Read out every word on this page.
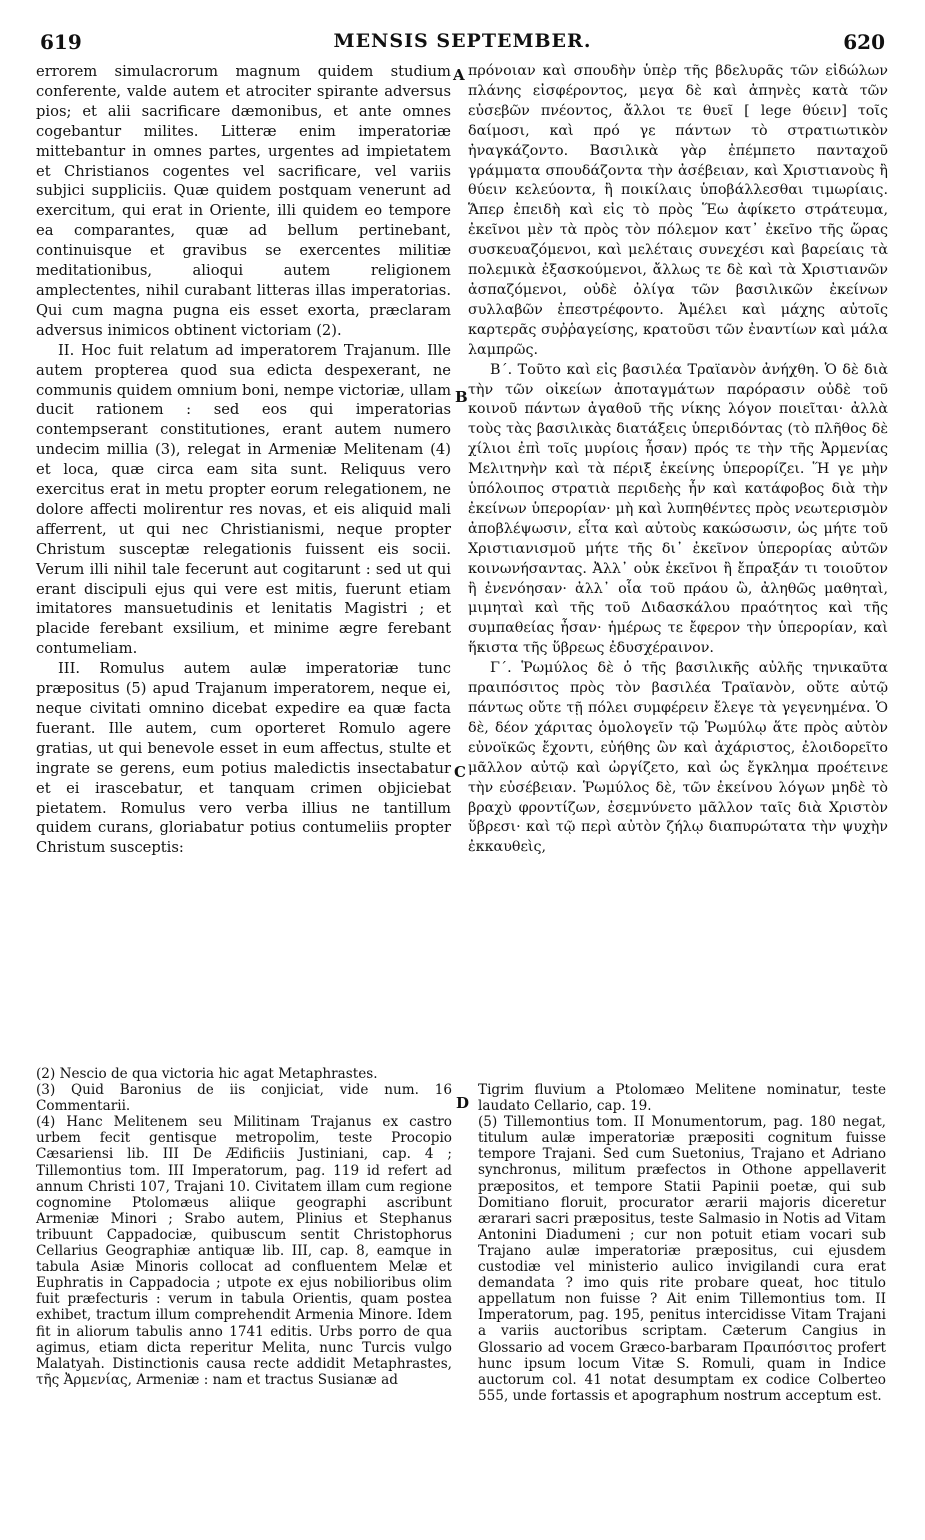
619	MENSIS SEPTEMBER.	620

errorem simulacrorum magnum quidem studium conferente, valde autem et atrociter spirante adversus pios; et alii sacrificare dæmonibus, et ante omnes cogebantur milites. Litteræ enim imperatoriæ mittebantur in omnes partes, urgentes ad impietatem et Christianos cogentes vel sacrificare, vel variis subjici suppliciis. Quæ quidem postquam venerunt ad exercitum, qui erat in Oriente, illi quidem eo tempore ea comparantes, quæ ad bellum pertinebant, continuisque et gravibus se exercentes militiæ meditationibus, alioqui autem religionem amplectentes, nihil curabant litteras illas imperatorias. Qui cum magna pugna eis esset exorta, præclaram adversus inimicos obtinent victoriam (2).

II. Hoc fuit relatum ad imperatorem Trajanum. Ille autem propterea quod sua edicta despexerant, ne communis quidem omnium boni, nempe victoriæ, ullam ducit rationem : sed eos qui imperatorias contempserant constitutiones, erant autem numero undecim millia (3), relegat in Armeniæ Melitenam (4) et loca, quæ circa eam sita sunt. Reliquus vero exercitus erat in metu propter eorum relegationem, ne dolore affecti molirentur res novas, et eis aliquid mali afferrent, ut qui nec Christianismi, neque propter Christum susceptæ relegationis fuissent eis socii. Verum illi nihil tale fecerunt aut cogitarunt : sed ut qui erant discipuli ejus qui vere est mitis, fuerunt etiam imitatores mansuetudinis et lenitatis Magistri ; et placide ferebant exsilium, et minime ægre ferebant contumeliam.

III. Romulus autem aulæ imperatoriæ tunc præpositus (5) apud Trajanum imperatorem, neque ei, neque civitati omnino dicebat expedire ea quæ facta fuerant. Ille autem, cum oporteret Romulo agere gratias, ut qui benevole esset in eum affectus, stulte et ingrate se gerens, eum potius maledictis insectabatur et ei irascebatur, et tanquam crimen objiciebat pietatem. Romulus vero verba illius ne tantillum quidem curans, gloriabatur potius contumeliis propter Christum susceptis:

A
B
C
D

πρόνοιαν καὶ σπουδὴν ὑπὲρ τῆς βδελυρᾶς τῶν εἰδώλων πλάνης εἰσφέροντος, μεγα δὲ καὶ ἀπηνὲς κατὰ τῶν εὐσεβῶν πνέοντος, ἄλλοι τε θυεῖ [ lege θύειν] τοῖς δαίμοσι, καὶ πρό γε πάντων τὸ στρατιωτικὸν ἠναγκάζοντο. Βασιλικὰ γὰρ ἐπέμπετο πανταχοῦ γράμματα σπουδάζοντα τὴν ἀσέβειαν, καὶ Χριστιανοὺς ἢ θύειν κελεύοντα, ἢ ποικίλαις ὑποβάλλεσθαι τιμωρίαις. Ἅπερ ἐπειδὴ καὶ εἰς τὸ πρὸς Ἕω ἀφίκετο στράτευμα, ἐκεῖνοι μὲν τὰ πρὸς τὸν πόλεμον κατ᾿ ἐκεῖνο τῆς ὥρας συσκευαζόμενοι, καὶ μελέταις συνεχέσι καὶ βαρείαις τὰ πολεμικὰ ἐξασκούμενοι, ἄλλως τε δὲ καὶ τὰ Χριστιανῶν ἀσπαζόμενοι, οὐδὲ ὀλίγα τῶν βασιλικῶν ἐκείνων συλλαβῶν ἐπεστρέφοντο. Ἀμέλει καὶ μάχης αὐτοῖς καρτερᾶς συῤῥαγείσης, κρατοῦσι τῶν ἐναντίων καὶ μάλα λαμπρῶς.

Β΄. Τοῦτο καὶ εἰς βασιλέα Τραϊανὸν ἀνήχθη. Ὁ δὲ διὰ τὴν τῶν οἰκείων ἀποταγμάτων παρόρασιν οὐδὲ τοῦ κοινοῦ πάντων ἀγαθοῦ τῆς νίκης λόγον ποιεῖται· ἀλλὰ τοὺς τὰς βασιλικὰς διατάξεις ὑπεριδόντας (τὸ πλῆθος δὲ χίλιοι ἐπὶ τοῖς μυρίοις ἦσαν) πρός τε τὴν τῆς Ἀρμενίας Μελιτηνὴν καὶ τὰ πέριξ ἐκείνης ὑπερορίζει. Ἥ γε μὴν ὑπόλοιπος στρατιὰ περιδεὴς ἦν καὶ κατάφοβος διὰ τὴν ἐκείνων ὑπερορίαν· μὴ καὶ λυπηθέντες πρὸς νεωτερισμὸν ἀποβλέψωσιν, εἶτα καὶ αὐτοὺς κακώσωσιν, ὡς μήτε τοῦ Χριστιανισμοῦ μήτε τῆς δι᾿ ἐκεῖνον ὑπερορίας αὐτῶν κοινωνήσαντας. Ἀλλ᾿ οὐκ ἐκεῖνοι ἢ ἔπραξάν τι τοιοῦτον ἢ ἐνενόησαν· ἀλλ᾿ οἷα τοῦ πράου ὢ, ἀληθῶς μαθηταὶ, μιμηταὶ καὶ τῆς τοῦ Διδασκάλου πραότητος καὶ τῆς συμπαθείας ἦσαν· ἡμέρως τε ἔφερον τὴν ὑπερορίαν, καὶ ἥκιστα τῆς ὕβρεως ἐδυσχέραινον.

Γ΄. Ῥωμύλος δὲ ὁ τῆς βασιλικῆς αὐλῆς τηνικαῦτα πραιπόσιτος πρὸς τὸν βασιλέα Τραϊανὸν, οὔτε αὐτῷ πάντως οὔτε τῇ πόλει συμφέρειν ἔλεγε τὰ γεγενημένα. Ὁ δὲ, δέον χάριτας ὁμολογεῖν τῷ Ῥωμύλῳ ἅτε πρὸς αὐτὸν εὐνοϊκῶς ἔχοντι, εὐήθης ὢν καὶ ἀχάριστος, ἐλοιδορεῖτο μᾶλλον αὐτῷ καὶ ὠργίζετο, καὶ ὡς ἔγκλημα προέτεινε τὴν εὐσέβειαν. Ῥωμύλος δὲ, τῶν ἐκείνου λόγων μηδὲ τὸ βραχὺ φροντίζων, ἐσεμνύνετο μᾶλλον ταῖς διὰ Χριστὸν ὕβρεσι· καὶ τῷ περὶ αὐτὸν ζήλῳ διαπυρώτατα τὴν ψυχὴν ἐκκαυθεὶς,

(2) Nescio de qua victoria hic agat Metaphrastes.

(3) Quid Baronius de iis conjiciat, vide num. 16 Commentarii.

(4) Hanc Melitenem seu Militinam Trajanus ex castro urbem fecit gentisque metropolim, teste Procopio Cæsariensi lib. III De Ædificiis Justiniani, cap. 4 ; Tillemontius tom. III Imperatorum, pag. 119 id refert ad annum Christi 107, Trajani 10. Civitatem illam cum regione cognomine Ptolomæus aliique geographi ascribunt Armeniæ Minori ; Srabo autem, Plinius et Stephanus tribuunt Cappadociæ, quibuscum sentit Christophorus Cellarius Geographiæ antiquæ lib. III, cap. 8, eamque in tabula Asiæ Minoris collocat ad confluentem Melæ et Euphratis in Cappadocia ; utpote ex ejus nobilioribus olim fuit præfecturis : verum in tabula Orientis, quam postea exhibet, tractum illum comprehendit Armenia Minore. Idem fit in aliorum tabulis anno 1741 editis. Urbs porro de qua agimus, etiam dicta reperitur Melita, nunc Turcis vulgo Malatyah. Distinctionis causa recte addidit Metaphrastes, τῆς Ἀρμενίας, Armeniæ : nam et tractus Susianæ ad

Tigrim fluvium a Ptolomæo Melitene nominatur, teste laudato Cellario, cap. 19.

(5) Tillemontius tom. II Monumentorum, pag. 180 negat, titulum aulæ imperatoriæ præpositi cognitum fuisse tempore Trajani. Sed cum Suetonius, Trajano et Adriano synchronus, militum præfectos in Othone appellaverit præpositos, et tempore Statii Papinii poetæ, qui sub Domitiano floruit, procurator ærarii majoris diceretur ærarari sacri præpositus, teste Salmasio in Notis ad Vitam Antonini Diadumeni ; cur non potuit etiam vocari sub Trajano aulæ imperatoriæ præpositus, cui ejusdem custodiæ vel ministerio aulico invigilandi cura erat demandata ? imo quis rite probare queat, hoc titulo appellatum non fuisse ? Ait enim Tillemontius tom. II Imperatorum, pag. 195, penitus intercidisse Vitam Trajani a variis auctoribus scriptam. Cæterum Cangius in Glossario ad vocem Græco-barbaram Πραιπόσιτος profert hunc ipsum locum Vitæ S. Romuli, quam in Indice auctorum col. 41 notat desumptam ex codice Colberteo 555, unde fortassis et apographum nostrum acceptum est.
